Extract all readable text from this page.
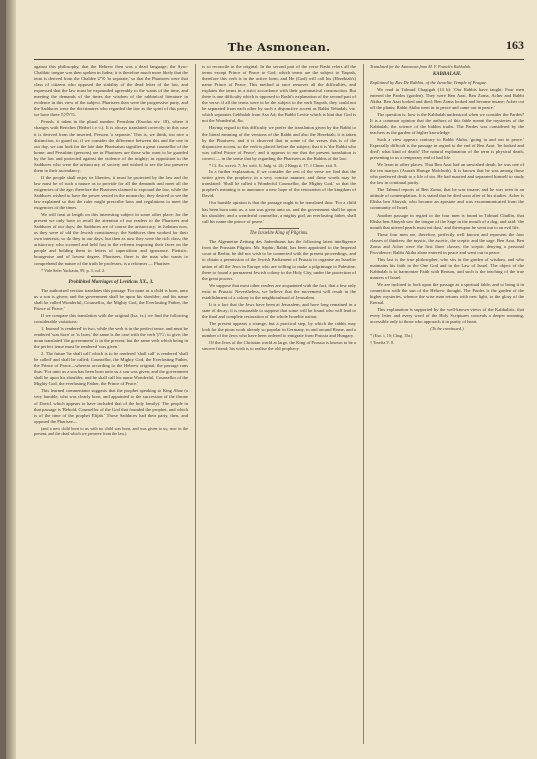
The Asmonean.	163

against this philosophy, that the Hebrew then was a dead language; the Syro-Chaldaic tongue was then spoken in Judea; it is therefore much more likely that the term is derived from the Chaldee פרש 'to separate,' so that the Pharisees were that class of citizens who opposed the stability of the dead letter of the law, and expressed that the law must be expounded agreeably to the wants of the time, and meeting the demands of the times the wisdom of the rabbinical literature in evidence in this view of the subject. Pharisees then were the progressive party, and the Sadduces were the doctrinaires who regarded the law as the spirit of this party; we have three מחלוקת.

Perush, it taken in the plural number, Perushim (Exodus xiv. 18), where it changes with Beriches (Bethel i.v.-i.). It is always translated correctly; in this case it is derived from the inserted, Persons 'a separate.' This is, we think, too nice a distinction, to guard us; if we consider the difference between this and the one in our day, we can look for the late date Pharisaism signifies a great counsellor of the home; and Perushim (persons) are in Pharisees are those who want to be guarded by the law and protected against the violence of the mighty; in opposition to the Sadduces who were the aristocracy of society and wished to see the law preserve them in their ascendancy.

If the people shall enjoy its liberties, it must be protected by the law and the law must be of such a nature as to provide for all the demands and meet all the exigencies of the age; therefore the Pharisees claimed to expound the law, while the Sadduces wished to have the power vested in the monarchy; they desired to see the law explained so that the ruler might prescribe laws and regulations to meet the exigencies of the times.

We will treat at length on this interesting subject in some other place; for the present we only have to recall the attention of our readers to the Pharisees and Sadduces of our days; the Sadduces are of course the aristocracy; in Judaism now, as they were of old the Jewish constituency; the Sadduces then worked for their own interests; so do they in our days; but then as now they were the rich class; the aristocracy who scorned and held fast to the reforms imposing their faces on the people and holding them in fetters of superstition and ignorance. Pietistic, bourgeoise and of lowest degree, Pharisees, there is the man who wants to comprehend the nature of the truth he professes, is a reformer — Pharisee.

* Vide Sefer Yuchasin, 99, p. 3, col. 2.

Prohibited Marriages of Leviticus XX., 3.

The authorised version translates this passage 'For none as a child is born, unto us a son is given; and the government shall be upon his shoulder; and his name shall be called Wonderful, Counsellor, the Mighty God, the Everlasting Father, the Prince of Peace.'

If we compare this translation with the original (Isa. ix.) we find the following considerable variations:

1. Instead 'is rendered' in two, while the verb is in the perfect tense, and must be rendered 'was born' or 'is born,' the same is the case with the verb 'ניתן'; to give; the noun translated 'the government' is in the present; but the same verb which being in the perfect tense must be rendered 'was given.'

2. The future 'he shall call' which is to be rendered 'shall call' is rendered 'shall be called' and shall be called; Counsellor, the Mighty God, the Everlasting Father, the Prince of Peace—whereas according to the Hebrew original, the passage runs thus: 'For unto us a son has been born unto us a son was given; and the government shall be upon his shoulder, and he shall call his name Wonderful, Counsellor of the Mighty God, the everlasting Father, the Prince of Peace.'

This learned commentator suggests that the prophet speaking to King Ahaz (a very humble, who was clearly born, and appointed to the succession of the throne of David, which appears to have included that of the holy family). The people in that passage is 'Behold, Counsellor of the God that founded the prophet, and which is of the time of the prophet Elijah.' Those Sadduces had their party, then, and opposed the Pharisee—

(and a new child born to us with no child was born, and was given to us; now in the present, and the dead which we preserve from the law.)

is so reconcile in the original. In the second part of the verse Rashi refers all the terms except Prince of Peace to God, which terms are the subject to Yaqeah, therefore this verb is in the active form; and He (God) will call his (Hezekiah's) name Prince of Peace. This method at once removes all the difficulties, and explains the terms in a strict accordance with their grammatical construction. But there is one difficulty which is opposed to Rashi's explanation of the second part of the verse: if all the terms were to be the subject to the verb Yaqeah, they could not be separated from each other by such a disjunctive accent as Rabbi Yehudah, viz. which separates Gebbalah from Asa Ad; the Rabbi Levite which is hint that God is not the Wonderful, &c.

Having regard to this difficulty we prefer the translation given by the Rabbi to the literal meaning of the versions of the Rabbi and also the Hezekiah; it is taken by the Pharisees; and it is observed that in some of the verses this is of the disjunctive accent, so the verb is placed before the subject; that it is 'the Rabbi who was called Prince of Peace'; and it appears to me that the present translation is correct — in the sense that by regarding the Pharisees as the Rabbis of the law.

* Cf. Ex. xxxvii. 7; Jer. xxiii. 6; Judg. vi. 24; 2 Kings ii. 17; 1 Chron. xxii. 9.

In a further explanation, if we consider the rest of the verse we find that the writer gives the prophecy in a very concise manner; and these words may be translated: 'Shall be called a Wonderful Counsellor, the Mighty God,' so that the prophet's meaning is to announce a new hope of the restoration of the kingdom of David.

Our humble opinion is that the passage ought to be translated thus: 'For a child has been born unto us, a son was given unto us, and the government shall be upon his shoulder; and a wonderful counsellor, a mighty god, an everlasting father, shall call his name the prince of peace.'

The Israelite King of Pilgrims.

The Algemeine Zeitung des Judenthums has the following latest intelligence from the Prussian Pilgrim. Mr. Saphir, Rabbi, has been appointed to the Imperial court at Berlin; he did not wish to be connected with the present proceedings, and to obtain a permission of the Jewish Parliament of Prussia to organise an Israelite union of all the Jews in Europe who are willing to make a pilgrimage to Palestine, there to found a permanent Jewish colony in the Holy City, under the protection of the great powers.

We suppose that most other readers are acquainted with the fact, that a few only exist in Prussia. Nevertheless, we believe that the movement will result in the establishment of a colony in the neighbourhood of Jerusalem.

It is a fact that the Jews have been at Jerusalem, and have long remained in a state of decay; it is reasonable to suppose that some will be found who will lead to the final and complete restoration of the whole Israelite nation.

The present appears a strange, but a practical step, by which the rabbis may look for the pious work already so popular in Germany, in and around Rome, and a number of the Jews who have been ordered to emigrate from Prussia and Hungary.

Of the Jews of the Christian world at large, the King of Prussia is known to be a sincere friend; his wish is to realise the old prophecy.

Translated for the Asmonean from M. F. Franck's Kabbalah.

KABBALAH.

Explained by Rav De Rabbin, of the Israelite Temple of Prague.

We read in Talmud Chagigah (14 b): 'Our Rabbis have taught: Four men entered the Pardes (garden). They were Ben Azai, Ben Zoma, Acher and Rabbi Akiba. Ben Azai looked and died; Ben Zoma looked and became insane; Acher cut off the plants; Rabbi Akiba went in in peace and came out in peace.'

The question is: how is the Kabbalah understood when we consider the Pardes? It is a common opinion that the authors of this fable meant the mysteries of the Kabbalah, the science of the hidden truths. The Pardes was considered by the teachers as the garden of higher knowledge.

Such a view appears contrary to Rabbi Akiba, 'going in and out in peace.' Especially difficult is the passage in regard to the end of Ben Azai: 'he looked and died'; what kind of death? The natural explanation of the term is physical death, presenting to us a temporary end of bad life.

We learn in other places: That Ben Azai had an unwished death; he was one of the ten martyrs (Asarah Haruge Malchuth). It is known that he was among those who preferred death to a life of sin. He had married and separated himself to study the law in continual purity.

The Talmud reports of Ben Zoma, that he was insane, and he was seen in an attitude of contemplation. It is stated that he died soon after of his studies. Acher is Elisha ben Abuyah, who became an apostate and was excommunicated from the community of Israel.

Another passage in regard to the four men is found in Talmud Chullin, that Elisha ben Abuyah saw the tongue of the Sage in the mouth of a dog, and said: 'the mouth that uttered pearls must eat dust,' and thereupon he went out to an evil life.

These four men are, therefore, perfectly well known and represent the four classes of thinkers: the mystic, the ascetic, the sceptic and the sage. Ben Azai, Ben Zoma and Acher were the first three classes, the sceptic denying a personal Providence; Rabbi Akiba alone entered in peace and went out in peace.

This last is the true philosopher, who sits in the garden of wisdom, and who maintains his faith in the One God and in the Law of Israel. The object of the Kabbalah is to harmonize Faith with Reason, and such is the teaching of the true masters of Israel.

We are inclined to look upon the passage as a spiritual fable, and to bring it in connection with the sun of the Hebrew thought. The Pardes is the garden of the higher mysteries, whence the wise man returns with new light, to the glory of the Eternal.

This explanation is supported by the well-known views of the Kabbalists, that every letter and every word of the Holy Scriptures conceals a deeper meaning, accessible only to those who approach it in purity of heart.

(To be continued.)

* (Exo. i, 10; Chag. 15a.)

† Tosefta V. 8.
